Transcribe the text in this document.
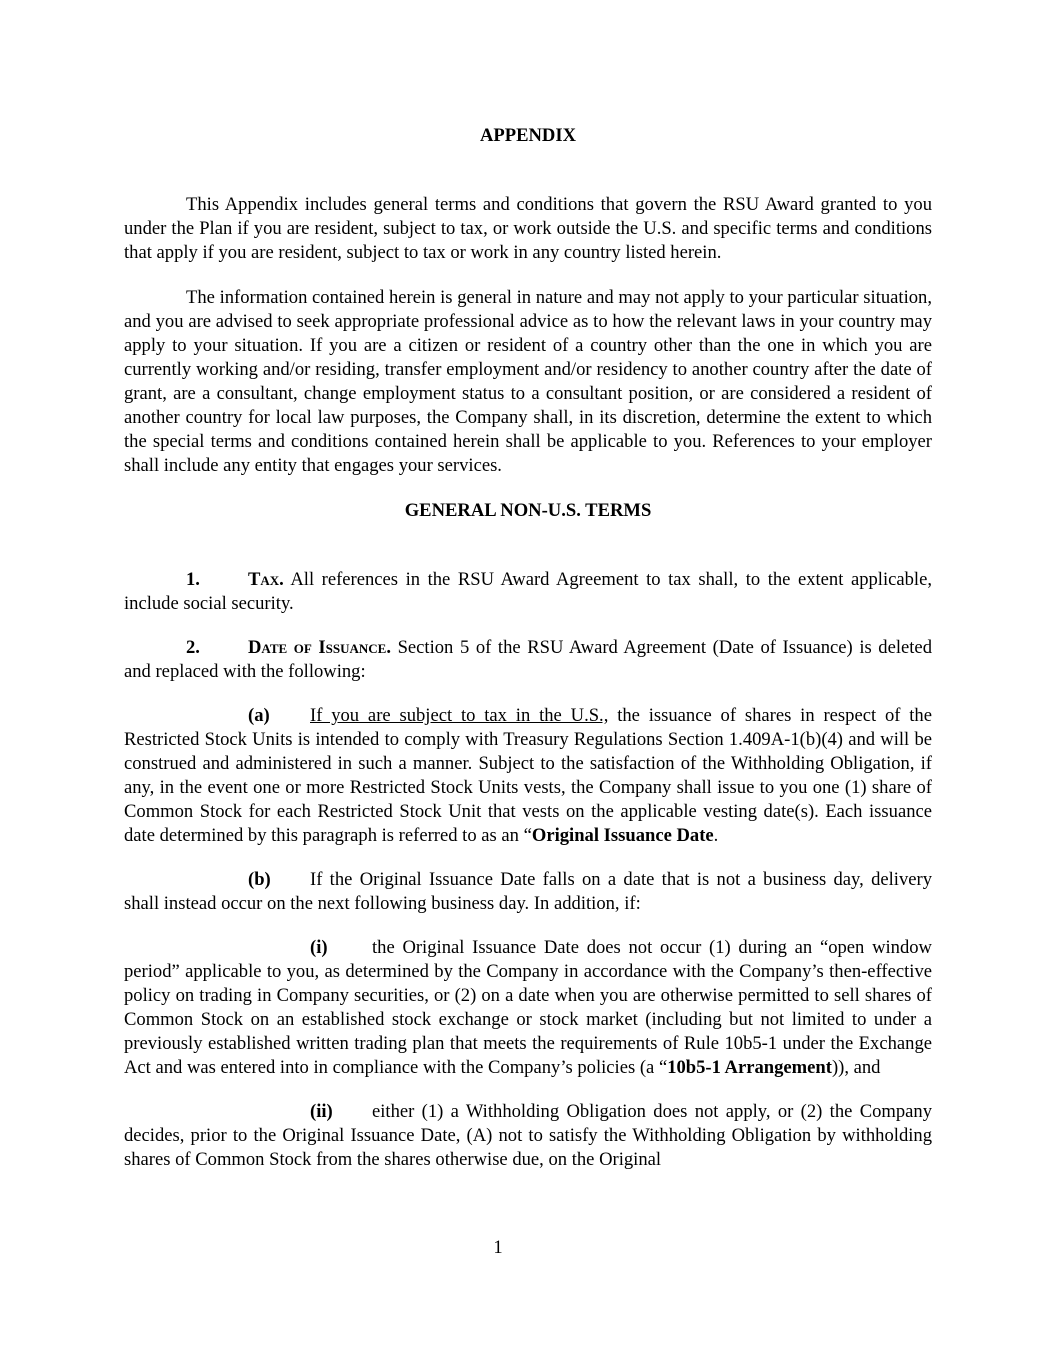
APPENDIX

This Appendix includes general terms and conditions that govern the RSU Award granted to you under the Plan if you are resident, subject to tax, or work outside the U.S. and specific terms and conditions that apply if you are resident, subject to tax or work in any country listed herein.

The information contained herein is general in nature and may not apply to your particular situation, and you are advised to seek appropriate professional advice as to how the relevant laws in your country may apply to your situation. If you are a citizen or resident of a country other than the one in which you are currently working and/or residing, transfer employment and/or residency to another country after the date of grant, are a consultant, change employment status to a consultant position, or are considered a resident of another country for local law purposes, the Company shall, in its discretion, determine the extent to which the special terms and conditions contained herein shall be applicable to you. References to your employer shall include any entity that engages your services.

GENERAL NON-U.S. TERMS

1.	Tax. All references in the RSU Award Agreement to tax shall, to the extent applicable, include social security.

2.	Date of Issuance. Section 5 of the RSU Award Agreement (Date of Issuance) is deleted and replaced with the following:

(a) If you are subject to tax in the U.S., the issuance of shares in respect of the Restricted Stock Units is intended to comply with Treasury Regulations Section 1.409A-1(b)(4) and will be construed and administered in such a manner. Subject to the satisfaction of the Withholding Obligation, if any, in the event one or more Restricted Stock Units vests, the Company shall issue to you one (1) share of Common Stock for each Restricted Stock Unit that vests on the applicable vesting date(s). Each issuance date determined by this paragraph is referred to as an “Original Issuance Date.

(b) If the Original Issuance Date falls on a date that is not a business day, delivery shall instead occur on the next following business day. In addition, if:

(i) the Original Issuance Date does not occur (1) during an “open window period” applicable to you, as determined by the Company in accordance with the Company’s then-effective policy on trading in Company securities, or (2) on a date when you are otherwise permitted to sell shares of Common Stock on an established stock exchange or stock market (including but not limited to under a previously established written trading plan that meets the requirements of Rule 10b5-1 under the Exchange Act and was entered into in compliance with the Company’s policies (a “10b5-1 Arrangement)), and

(ii) either (1) a Withholding Obligation does not apply, or (2) the Company decides, prior to the Original Issuance Date, (A) not to satisfy the Withholding Obligation by withholding shares of Common Stock from the shares otherwise due, on the Original

1
